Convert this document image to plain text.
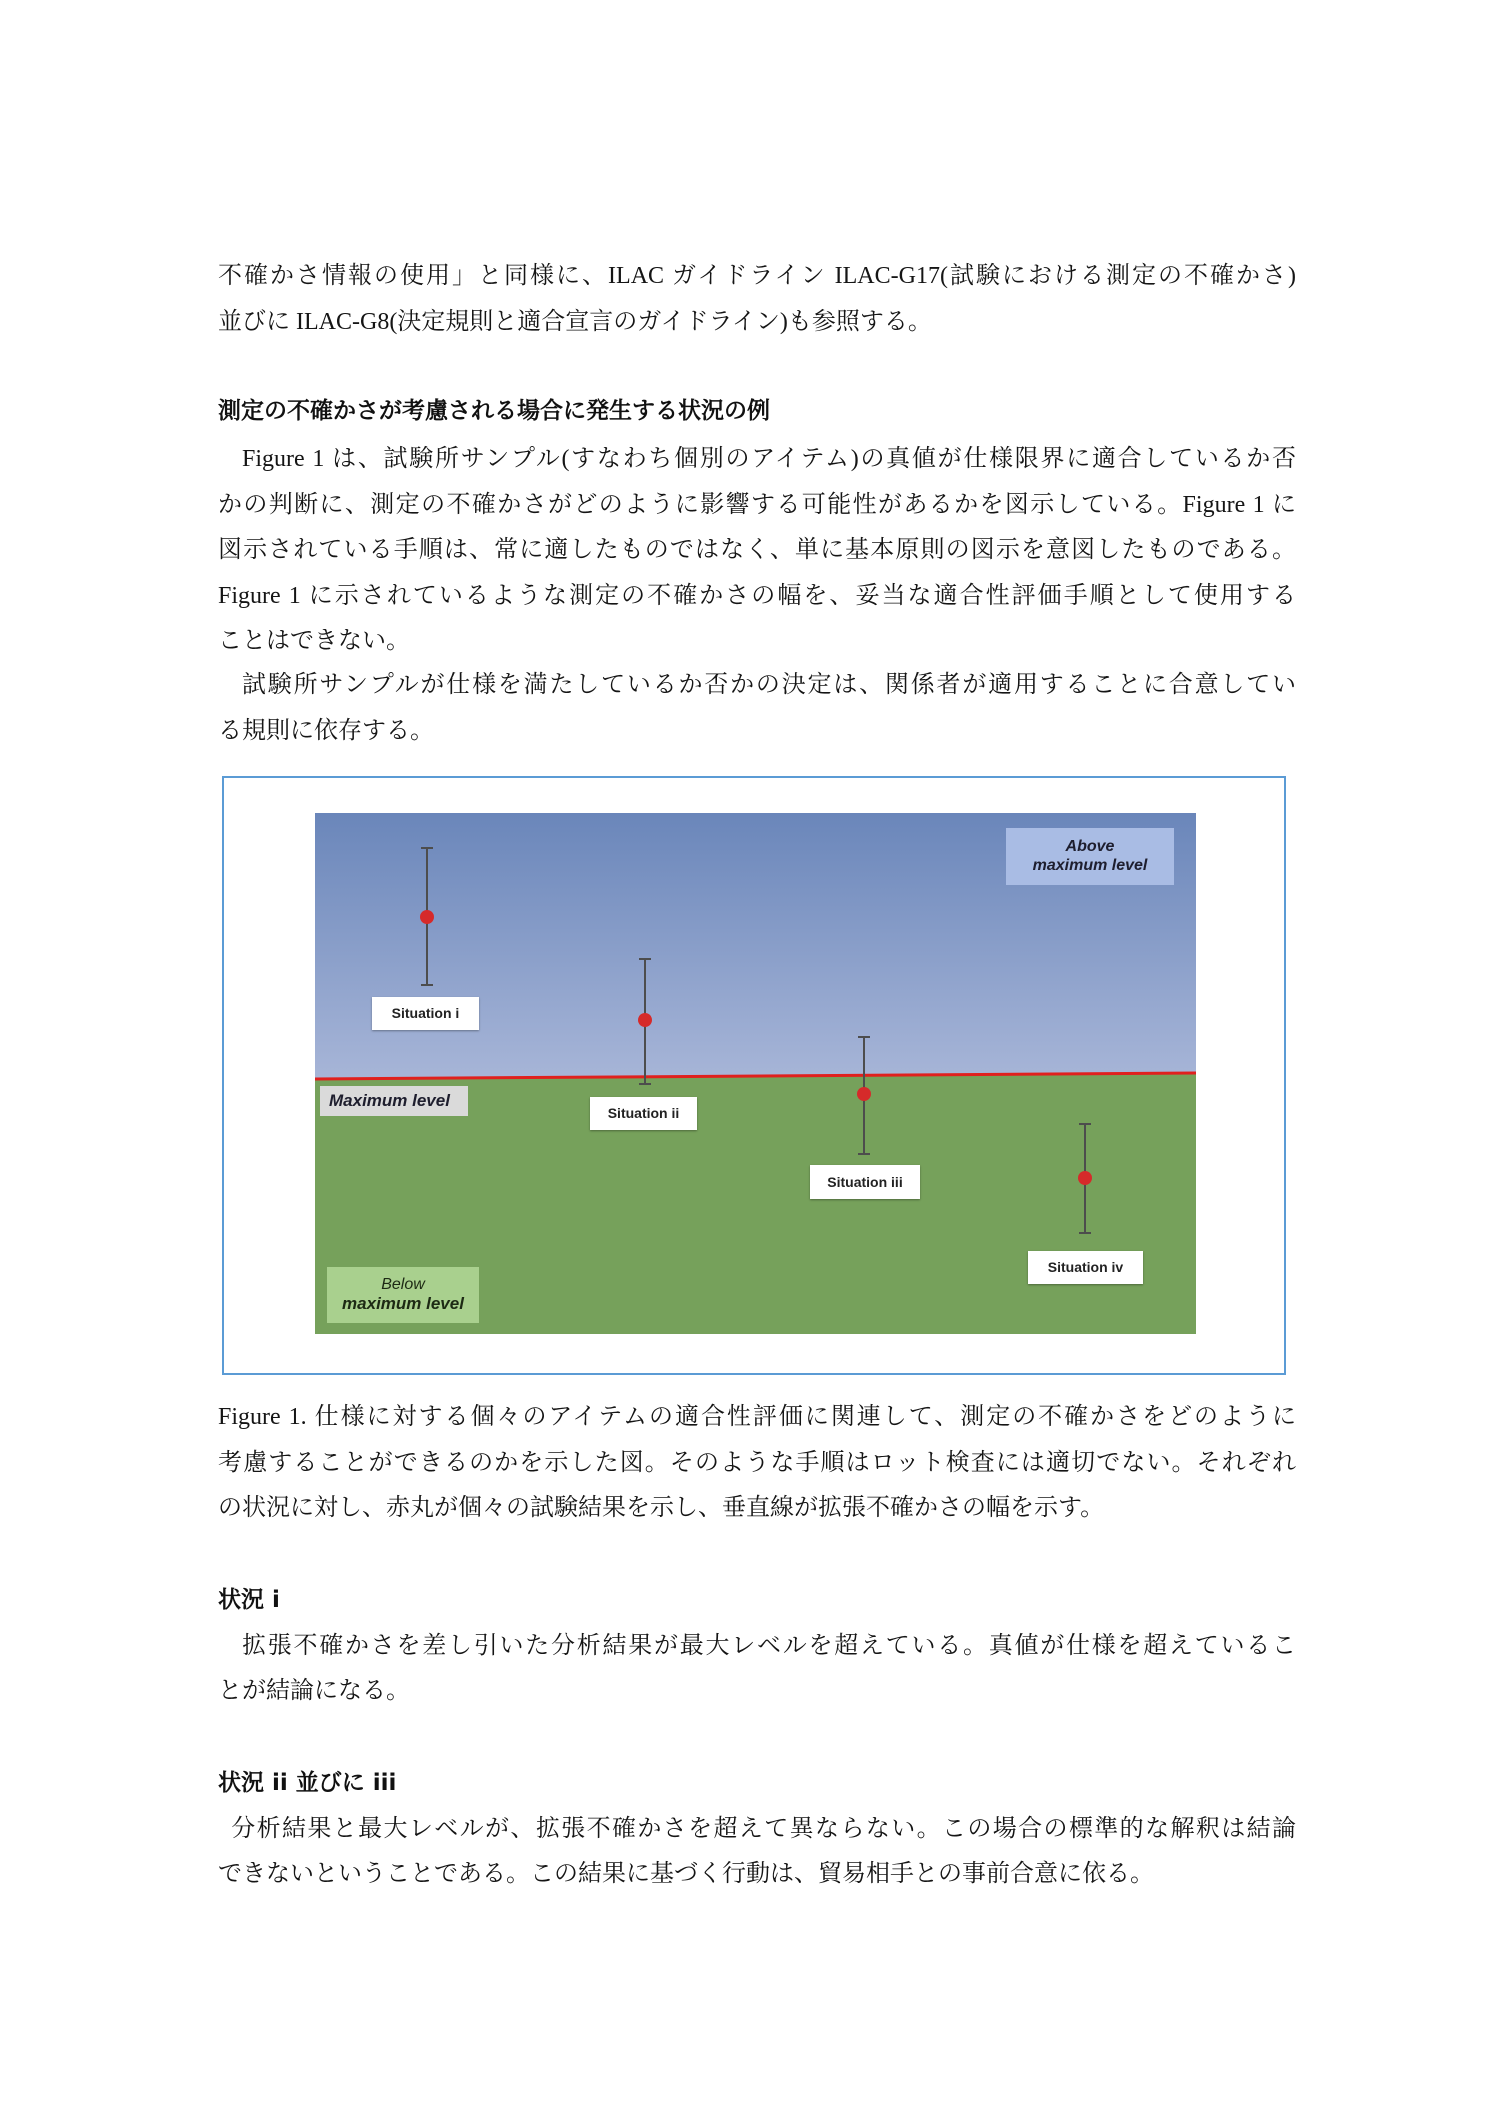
不確かさ情報の使用」と同様に、ILAC ガイドライン ILAC-G17(試験における測定の不確かさ)
並びに ILAC-G8(決定規則と適合宣言のガイドライン)も参照する。
測定の不確かさが考慮される場合に発生する状況の例
Figure 1 は、試験所サンプル(すなわち個別のアイテム)の真値が仕様限界に適合しているか否
かの判断に、測定の不確かさがどのように影響する可能性があるかを図示している。Figure 1 に
図示されている手順は、常に適したものではなく、単に基本原則の図示を意図したものである。
Figure 1 に示されているような測定の不確かさの幅を、妥当な適合性評価手順として使用する
ことはできない。
試験所サンプルが仕様を満たしているか否かの決定は、関係者が適用することに合意してい
る規則に依存する。
Above
maximum level
Maximum level
Below
maximum level
Situation i
Situation ii
Situation iii
Situation iv
Figure 1. 仕様に対する個々のアイテムの適合性評価に関連して、測定の不確かさをどのように
考慮することができるのかを示した図。そのような手順はロット検査には適切でない。それぞれ
の状況に対し、赤丸が個々の試験結果を示し、垂直線が拡張不確かさの幅を示す。
状況 i
拡張不確かさを差し引いた分析結果が最大レベルを超えている。真値が仕様を超えているこ
とが結論になる。
状況 ii 並びに iii
分析結果と最大レベルが、拡張不確かさを超えて異ならない。この場合の標準的な解釈は結論
できないということである。この結果に基づく行動は、貿易相手との事前合意に依る。
